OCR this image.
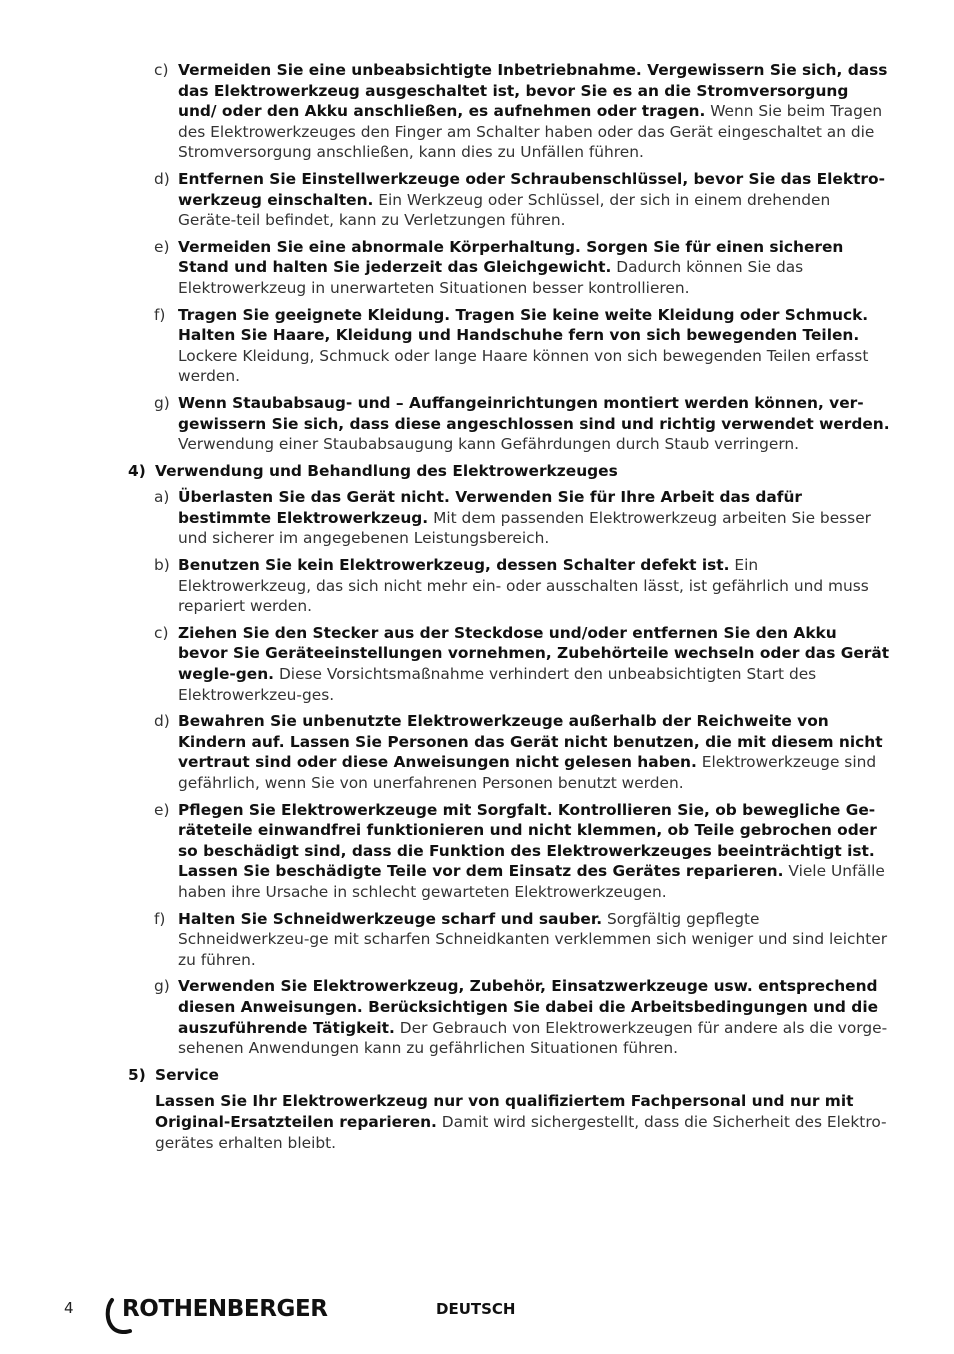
c) Vermeiden Sie eine unbeabsichtigte Inbetriebnahme. Vergewissern Sie sich, dass das Elektrowerkzeug ausgeschaltet ist, bevor Sie es an die Stromversorgung und/ oder den Akku anschließen, es aufnehmen oder tragen. Wenn Sie beim Tragen des Elektrowerkzeuges den Finger am Schalter haben oder das Gerät eingeschaltet an die Stromversorgung anschließen, kann dies zu Unfällen führen.
d) Entfernen Sie Einstellwerkzeuge oder Schraubenschlüssel, bevor Sie das Elektro-werkzeug einschalten. Ein Werkzeug oder Schlüssel, der sich in einem drehenden Geräte-teil befindet, kann zu Verletzungen führen.
e) Vermeiden Sie eine abnormale Körperhaltung. Sorgen Sie für einen sicheren Stand und halten Sie jederzeit das Gleichgewicht. Dadurch können Sie das Elektrowerkzeug in unerwarteten Situationen besser kontrollieren.
f) Tragen Sie geeignete Kleidung. Tragen Sie keine weite Kleidung oder Schmuck. Halten Sie Haare, Kleidung und Handschuhe fern von sich bewegenden Teilen. Lockere Kleidung, Schmuck oder lange Haare können von sich bewegenden Teilen erfasst werden.
g) Wenn Staubabsaug- und – Auffangeinrichtungen montiert werden können, ver-gewissern Sie sich, dass diese angeschlossen sind und richtig verwendet werden. Verwendung einer Staubabsaugung kann Gefährdungen durch Staub verringern.
4) Verwendung und Behandlung des Elektrowerkzeuges
a) Überlasten Sie das Gerät nicht. Verwenden Sie für Ihre Arbeit das dafür bestimmte Elektrowerkzeug. Mit dem passenden Elektrowerkzeug arbeiten Sie besser und sicherer im angegebenen Leistungsbereich.
b) Benutzen Sie kein Elektrowerkzeug, dessen Schalter defekt ist. Ein Elektrowerkzeug, das sich nicht mehr ein- oder ausschalten lässt, ist gefährlich und muss repariert werden.
c) Ziehen Sie den Stecker aus der Steckdose und/oder entfernen Sie den Akku bevor Sie Geräteeinstellungen vornehmen, Zubehörteile wechseln oder das Gerät wegle-gen. Diese Vorsichtsmaßnahme verhindert den unbeabsichtigten Start des Elektrowerkzeu-ges.
d) Bewahren Sie unbenutzte Elektrowerkzeuge außerhalb der Reichweite von Kindern auf. Lassen Sie Personen das Gerät nicht benutzen, die mit diesem nicht vertraut sind oder diese Anweisungen nicht gelesen haben. Elektrowerkzeuge sind gefährlich, wenn Sie von unerfahrenen Personen benutzt werden.
e) Pflegen Sie Elektrowerkzeuge mit Sorgfalt. Kontrollieren Sie, ob bewegliche Ge-räteteile einwandfrei funktionieren und nicht klemmen, ob Teile gebrochen oder so beschädigt sind, dass die Funktion des Elektrowerkzeuges beeinträchtigt ist. Lassen Sie beschädigte Teile vor dem Einsatz des Gerätes reparieren. Viele Unfälle haben ihre Ursache in schlecht gewarteten Elektrowerkzeugen.
f) Halten Sie Schneidwerkzeuge scharf und sauber. Sorgfältig gepflegte Schneidwerkzeu-ge mit scharfen Schneidkanten verklemmen sich weniger und sind leichter zu führen.
g) Verwenden Sie Elektrowerkzeug, Zubehör, Einsatzwerkzeuge usw. entsprechend diesen Anweisungen. Berücksichtigen Sie dabei die Arbeitsbedingungen und die auszuführende Tätigkeit. Der Gebrauch von Elektrowerkzeugen für andere als die vorge-sehenen Anwendungen kann zu gefährlichen Situationen führen.
5) Service
Lassen Sie Ihr Elektrowerkzeug nur von qualifiziertem Fachpersonal und nur mit Original-Ersatzteilen reparieren. Damit wird sichergestellt, dass die Sicherheit des Elektro-gerätes erhalten bleibt.
4 ROTHENBERGER	DEUTSCH
